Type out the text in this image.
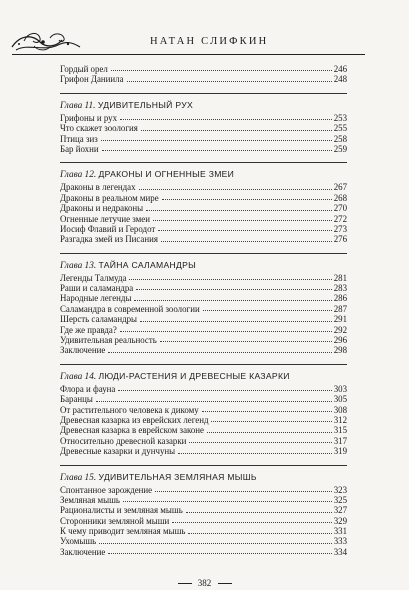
НАТАН СЛИФКИН
Гордый орел	246
Грифон Даниила	248
Глава 11. УДИВИТЕЛЬНЫЙ РУХ
Грифоны и рух	253
Что скажет зоология	255
Птица зиз	258
Бар йохни	259
Глава 12. ДРАКОНЫ И ОГНЕННЫЕ ЗМЕИ
Драконы в легендах	267
Драконы в реальном мире	268
Драконы и недраконы	270
Огненные летучие змеи	272
Иосиф Флавий и Геродот	273
Разгадка змей из Писания	276
Глава 13. ТАЙНА САЛАМАНДРЫ
Легенды Талмуда	281
Раши и саламандра	283
Народные легенды	286
Саламандра в современной зоологии	287
Шерсть саламандры	291
Где же правда?	292
Удивительная реальность	296
Заключение	298
Глава 14. ЛЮДИ-РАСТЕНИЯ И ДРЕВЕСНЫЕ КАЗАРКИ
Флора и фауна	303
Баранцы	305
От растительного человека к дикому	308
Древесная казарка из еврейских легенд	312
Древесная казарка в еврейском законе	315
Относительно древесной казарки	317
Древесные казарки и дунчуны	319
Глава 15. УДИВИТЕЛЬНАЯ ЗЕМЛЯНАЯ МЫШЬ
Спонтанное зарождение	323
Земляная мышь	325
Рационалисты и земляная мышь	327
Сторонники земляной мыши	329
К чему приводит земляная мышь	331
Ухомышь	333
Заключение	334
382
